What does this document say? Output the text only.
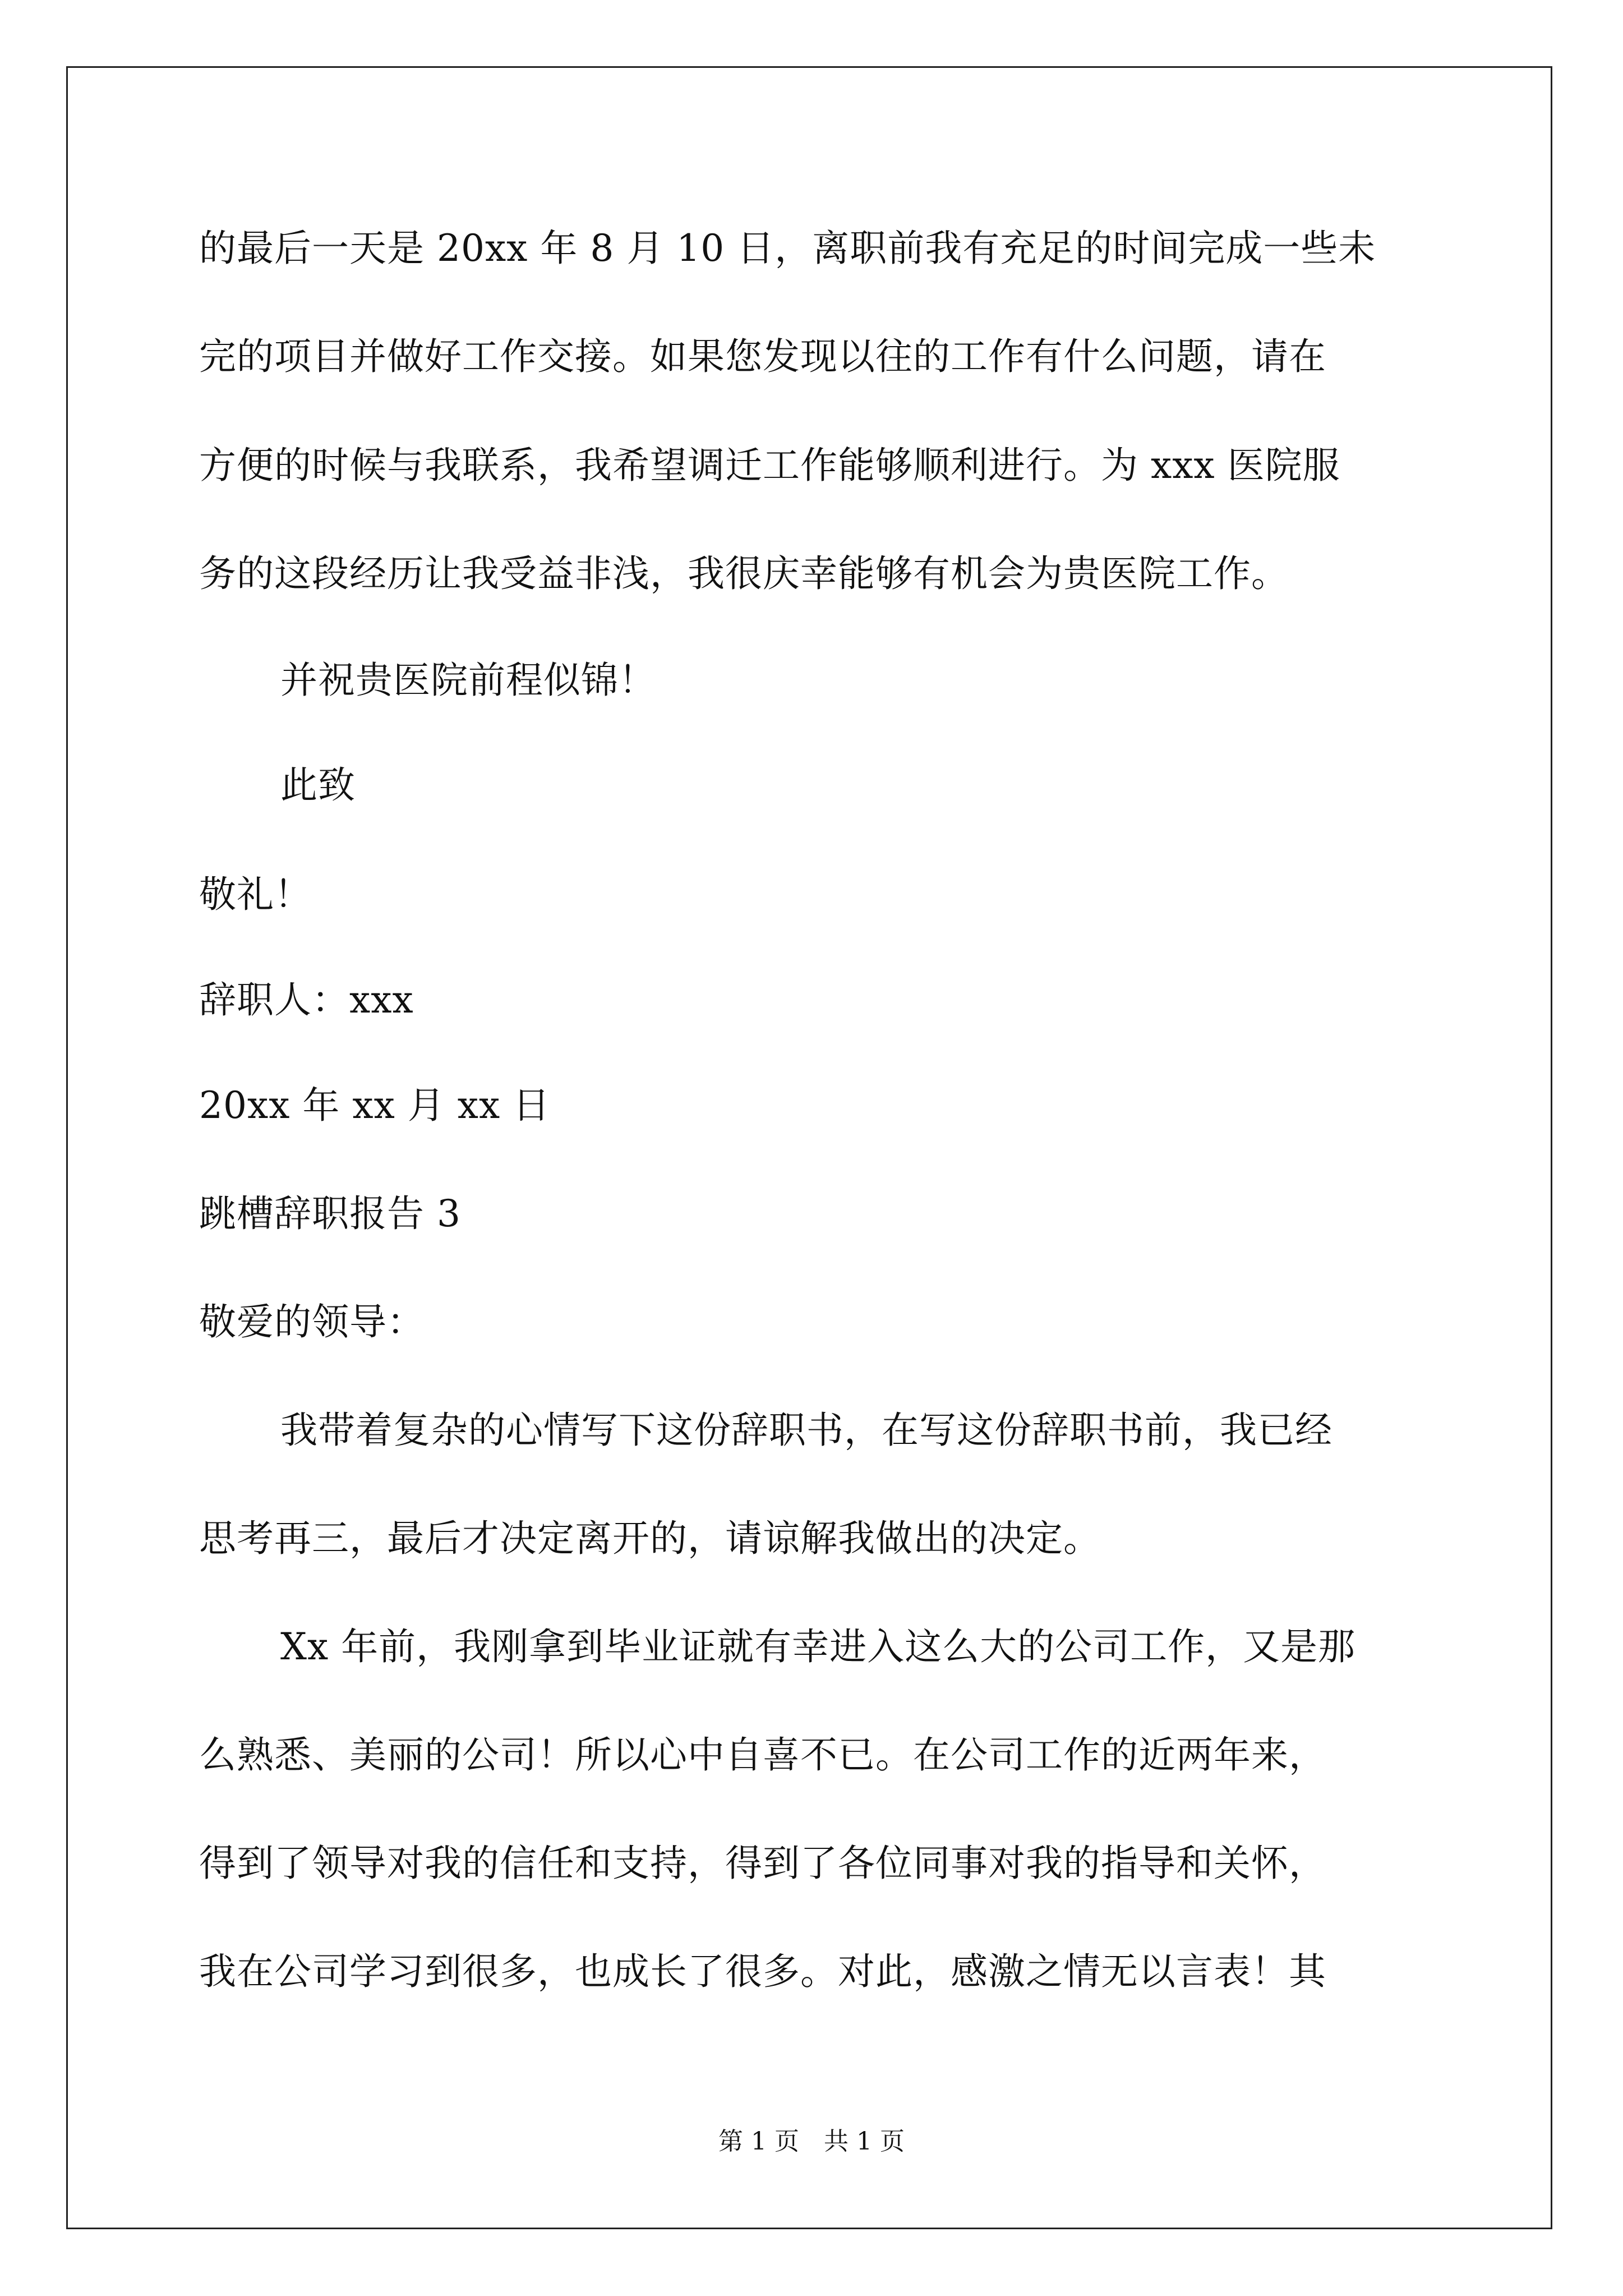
的最后一天是 20xx 年 8 月 10 日，离职前我有充足的时间完成一些未
完的项目并做好工作交接。如果您发现以往的工作有什么问题，请在
方便的时候与我联系，我希望调迁工作能够顺利进行。为 xxx 医院服
务的这段经历让我受益非浅，我很庆幸能够有机会为贵医院工作。
并祝贵医院前程似锦！
此致
敬礼！
辞职人：xxx
20xx 年 xx 月 xx 日
跳槽辞职报告 3
敬爱的领导：
我带着复杂的心情写下这份辞职书，在写这份辞职书前，我已经
思考再三，最后才决定离开的，请谅解我做出的决定。
Xx 年前，我刚拿到毕业证就有幸进入这么大的公司工作，又是那
么熟悉、美丽的公司！所以心中自喜不已。在公司工作的近两年来，
得到了领导对我的信任和支持，得到了各位同事对我的指导和关怀，
我在公司学习到很多，也成长了很多。对此，感激之情无以言表！其
第 1 页　共 1 页
